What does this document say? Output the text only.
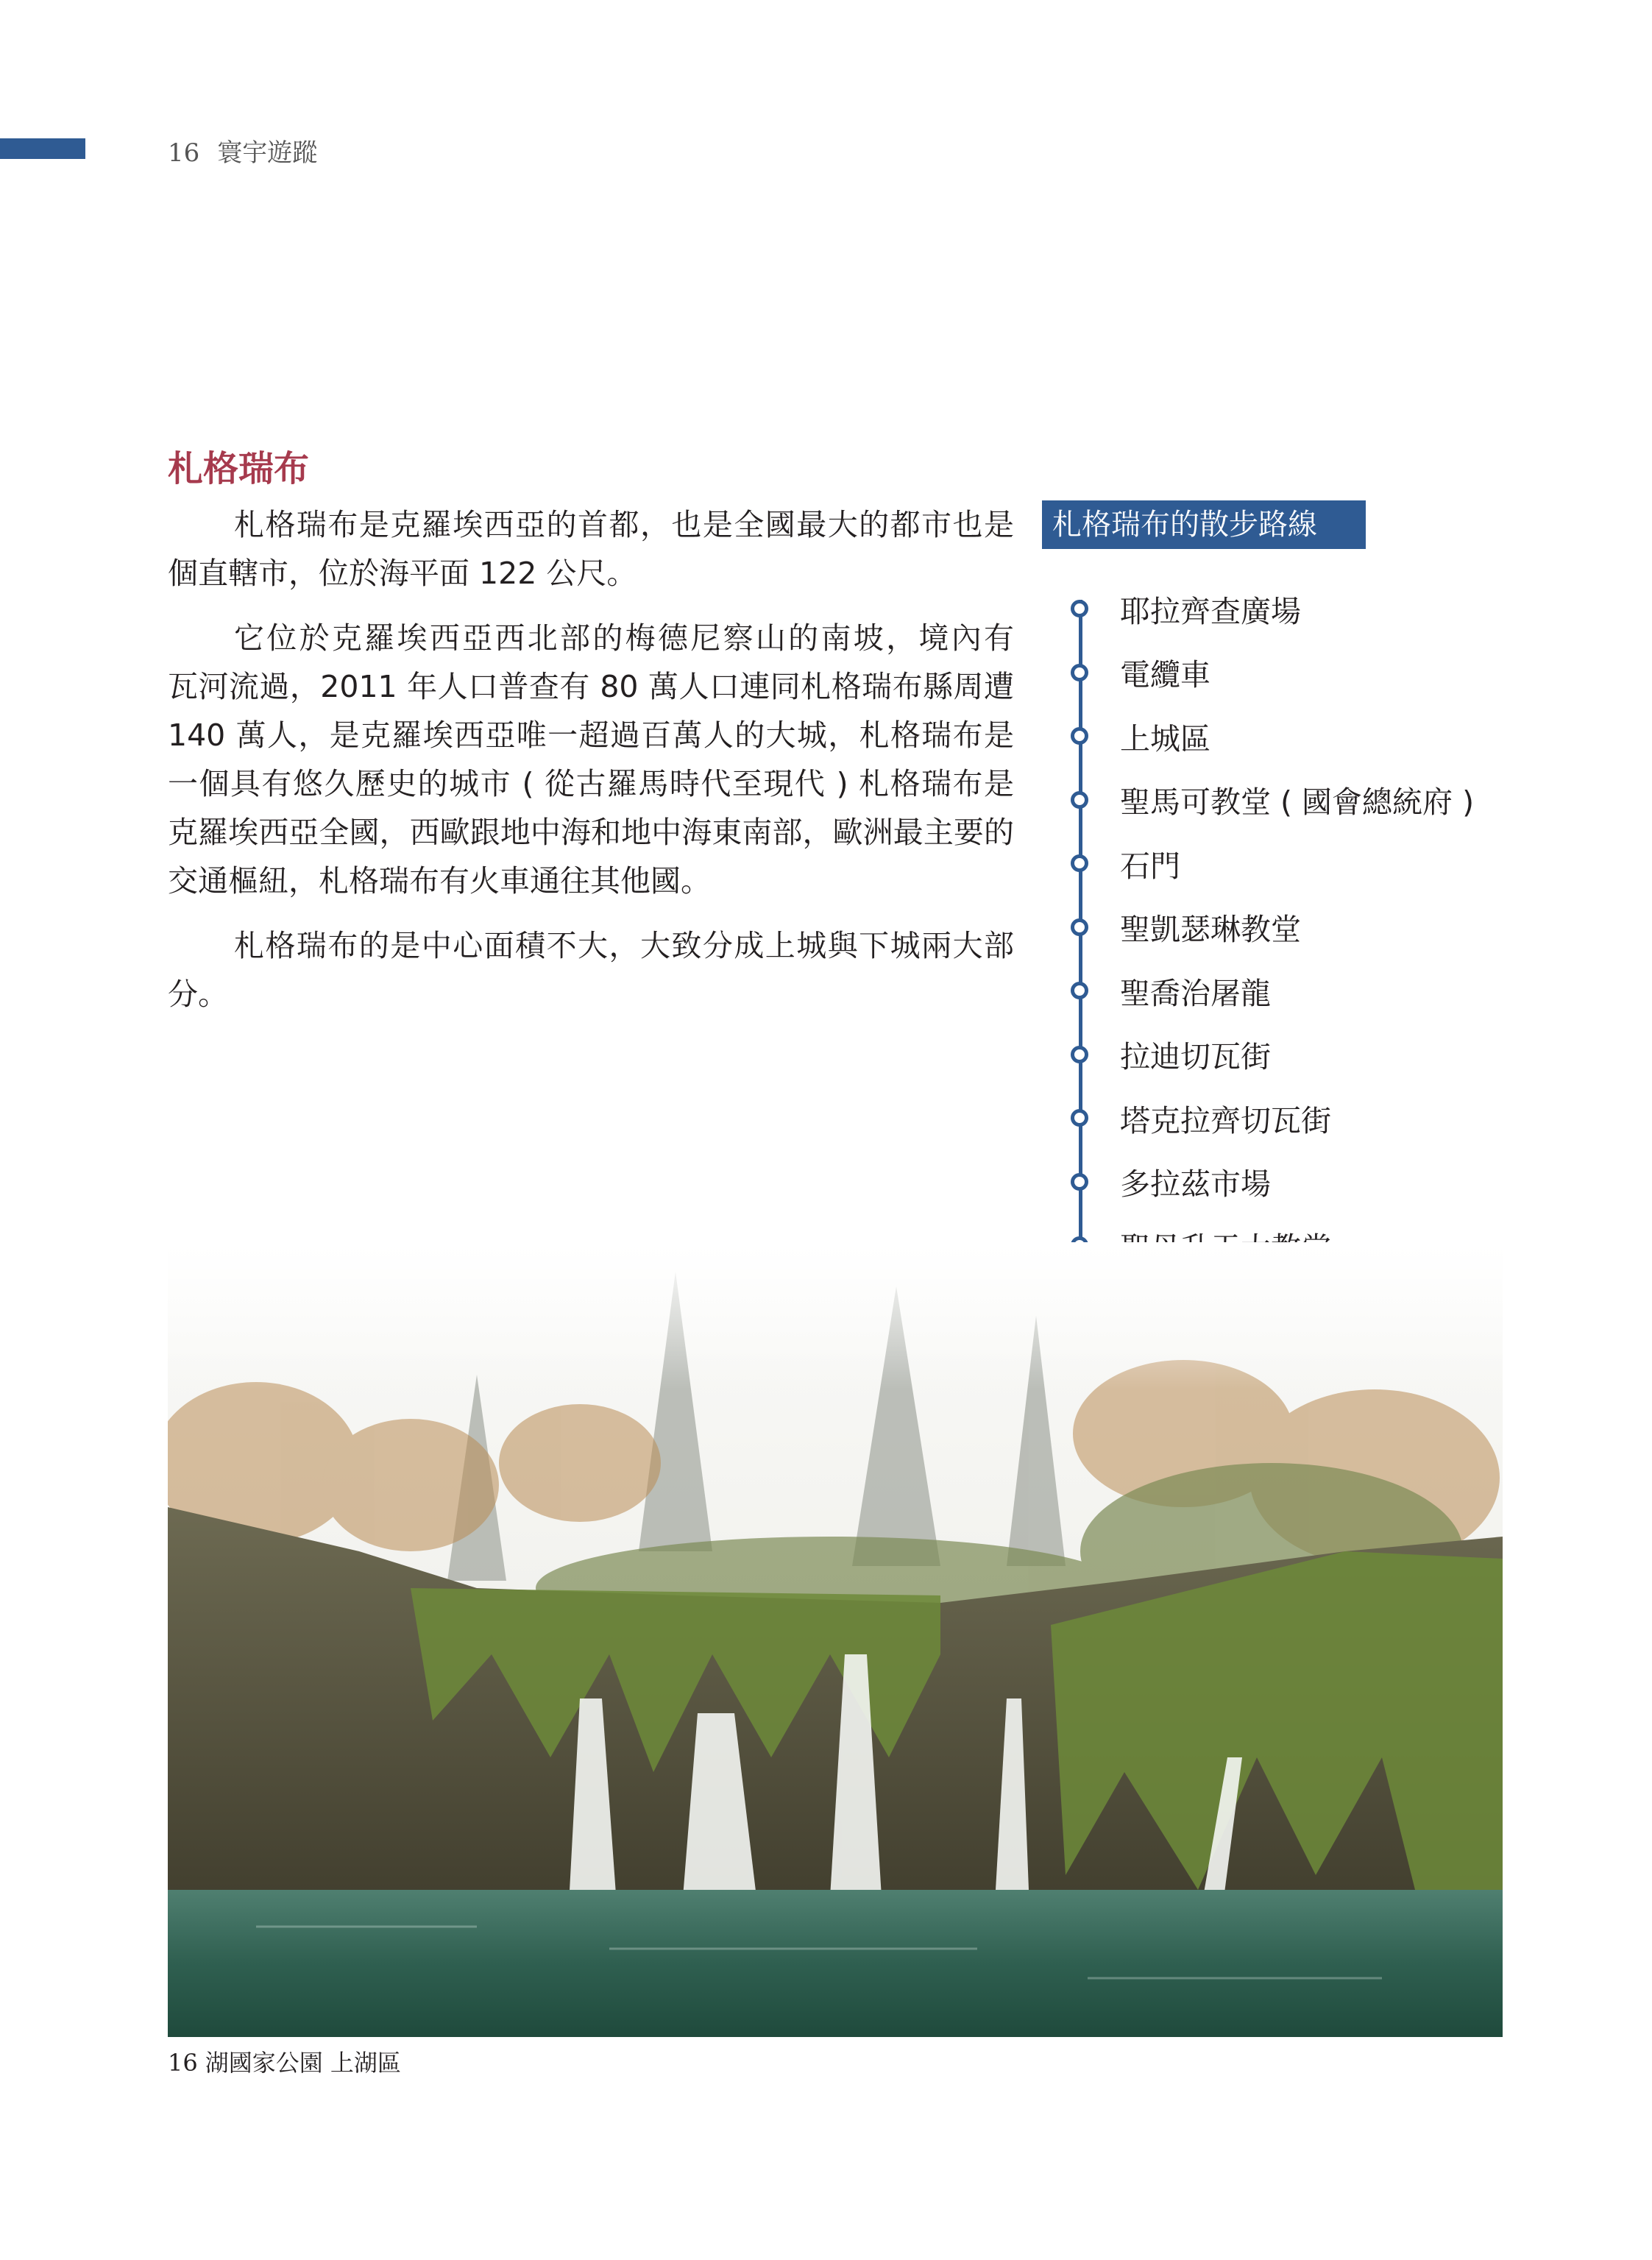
16 寰宇遊蹤
札格瑞布

札格瑞布是克羅埃西亞的首都，也是全國最大的都市也是個直轄市，位於海平面 122 公尺。

它位於克羅埃西亞西北部的梅德尼察山的南坡，境內有　瓦河流過，2011 年人口普查有 80 萬人口連同札格瑞布縣周遭 140 萬人，是克羅埃西亞唯一超過百萬人的大城，札格瑞布是一個具有悠久歷史的城市 ( 從古羅馬時代至現代 ) 札格瑞布是克羅埃西亞全國，西歐跟地中海和地中海東南部，歐洲最主要的交通樞紐，札格瑞布有火車通往其他國。

札格瑞布的是中心面積不大，大致分成上城與下城兩大部分。

札格瑞布的散步路線
耶拉齊查廣場
電纜車
上城區
聖馬可教堂 ( 國會總統府 )
石門
聖凱瑟琳教堂
聖喬治屠龍
拉迪切瓦街
塔克拉齊切瓦街
多拉茲市場
16 湖國家公園 上湖區
